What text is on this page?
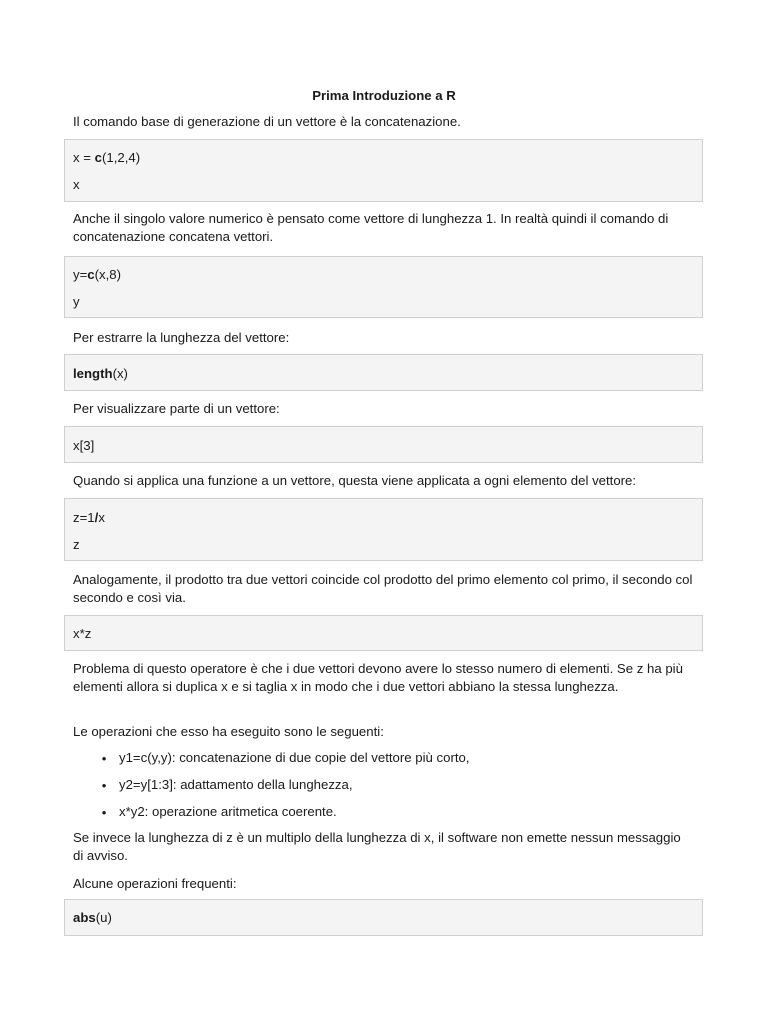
Prima Introduzione a R

Il comando base di generazione di un vettore è la concatenazione.

x = c(1,2,4)
x

Anche il singolo valore numerico è pensato come vettore di lunghezza 1. In realtà quindi il comando di concatenazione concatena vettori.

y=c(x,8)
y

Per estrarre la lunghezza del vettore:

length(x)

Per visualizzare parte di un vettore:

x[3]

Quando si applica una funzione a un vettore, questa viene applicata a ogni elemento del vettore:

z=1/x
z

Analogamente, il prodotto tra due vettori coincide col prodotto del primo elemento col primo, il secondo col secondo e così via.

x*z

Problema di questo operatore è che i due vettori devono avere lo stesso numero di elementi. Se z ha più elementi allora si duplica x e si taglia x in modo che i due vettori abbiano la stessa lunghezza.

Le operazioni che esso ha eseguito sono le seguenti:

• y1=c(y,y): concatenazione di due copie del vettore più corto,
• y2=y[1:3]: adattamento della lunghezza,
• x*y2: operazione aritmetica coerente.

Se invece la lunghezza di z è un multiplo della lunghezza di x, il software non emette nessun messaggio di avviso.

Alcune operazioni frequenti:

abs(u)
